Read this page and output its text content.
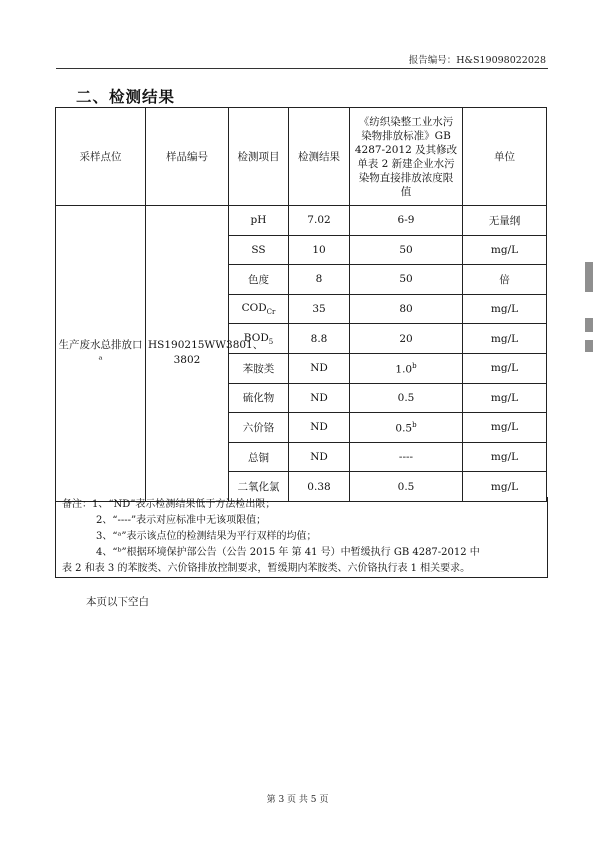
报告编号：H&S19098022028
二、检测结果
采样点位	样品编号	检测项目	检测结果	《纺织染整工业水污染物排放标准》GB 4287-2012 及其修改单表 2 新建企业水污染物直接排放浓度限值	单位
生产废水总排放口ᵃ	HS190215WW3801、3802	pH	7.02	6-9	无量纲
		SS	10	50	mg/L
		色度	8	50	倍
		$COD_{Cr}$	35	80	mg/L
		$BOD_5$	8.8	20	mg/L
		苯胺类	ND	1.0$^b$	mg/L
		硫化物	ND	0.5	mg/L
		六价铬	ND	0.5$^b$	mg/L
		总铜	ND	----	mg/L
		二氧化氯	0.38	0.5	mg/L
备注：1、“ND”表示检测结果低于方法检出限；
2、“----”表示对应标准中无该项限值；
3、“ᵃ”表示该点位的检测结果为平行双样的均值；
4、“ᵇ”根据环境保护部公告（公告 2015 年 第 41 号）中暂缓执行 GB 4287-2012 中
表 2 和表 3 的苯胺类、六价铬排放控制要求，暂缓期内苯胺类、六价铬执行表 1 相关要求。
本页以下空白
第 3 页 共 5 页
